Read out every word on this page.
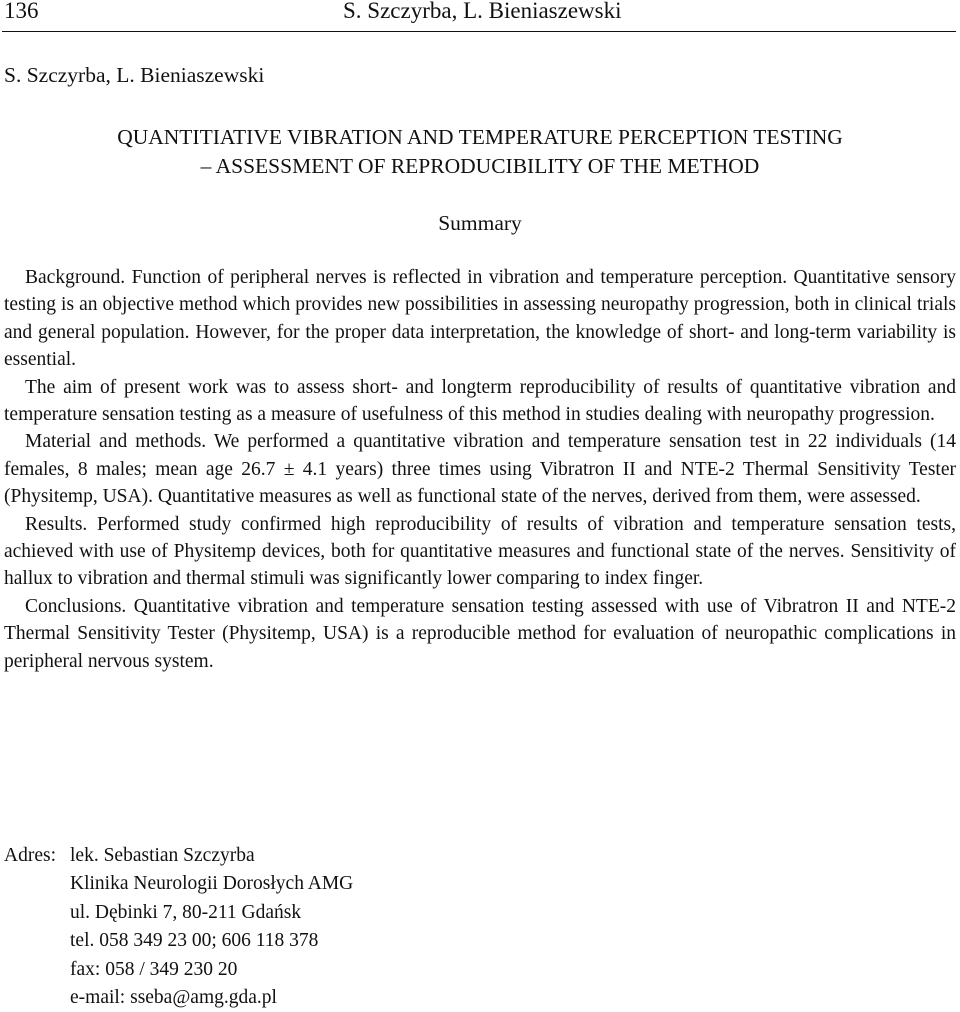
136	S. Szczyrba, L. Bieniaszewski
S. Szczyrba, L. Bieniaszewski
QUANTITIATIVE VIBRATION AND TEMPERATURE PERCEPTION TESTING
– ASSESSMENT OF REPRODUCIBILITY OF THE METHOD
Summary

Background. Function of peripheral nerves is reflected in vibration and temperature perception. Quantitative sensory testing is an objective method which provides new possibilities in assessing neuropathy progression, both in clinical trials and general population. However, for the proper data interpretation, the knowledge of short- and long-term variability is essential.

The aim of present work was to assess short- and longterm reproducibility of results of quantitative vibration and temperature sensation testing as a measure of usefulness of this method in studies dealing with neuropathy progression.

Material and methods. We performed a quantitative vibration and temperature sensation test in 22 individuals (14 females, 8 males; mean age 26.7 ± 4.1 years) three times using Vibratron II and NTE-2 Thermal Sensitivity Tester (Physitemp, USA). Quantitative measures as well as functional state of the nerves, derived from them, were assessed.

Results. Performed study confirmed high reproducibility of results of vibration and temperature sensation tests, achieved with use of Physitemp devices, both for quantitative measures and functional state of the nerves. Sensitivity of hallux to vibration and thermal stimuli was significantly lower comparing to index finger.

Conclusions. Quantitative vibration and temperature sensation testing assessed with use of Vibratron II and NTE-2 Thermal Sensitivity Tester (Physitemp, USA) is a reproducible method for evaluation of neuropathic complications in peripheral nervous system.

Adres: lek. Sebastian Szczyrba
Klinika Neurologii Dorosłych AMG
ul. Dębinki 7, 80-211 Gdańsk
tel. 058 349 23 00; 606 118 378
fax: 058 / 349 230 20
e-mail: sseba@amg.gda.pl
